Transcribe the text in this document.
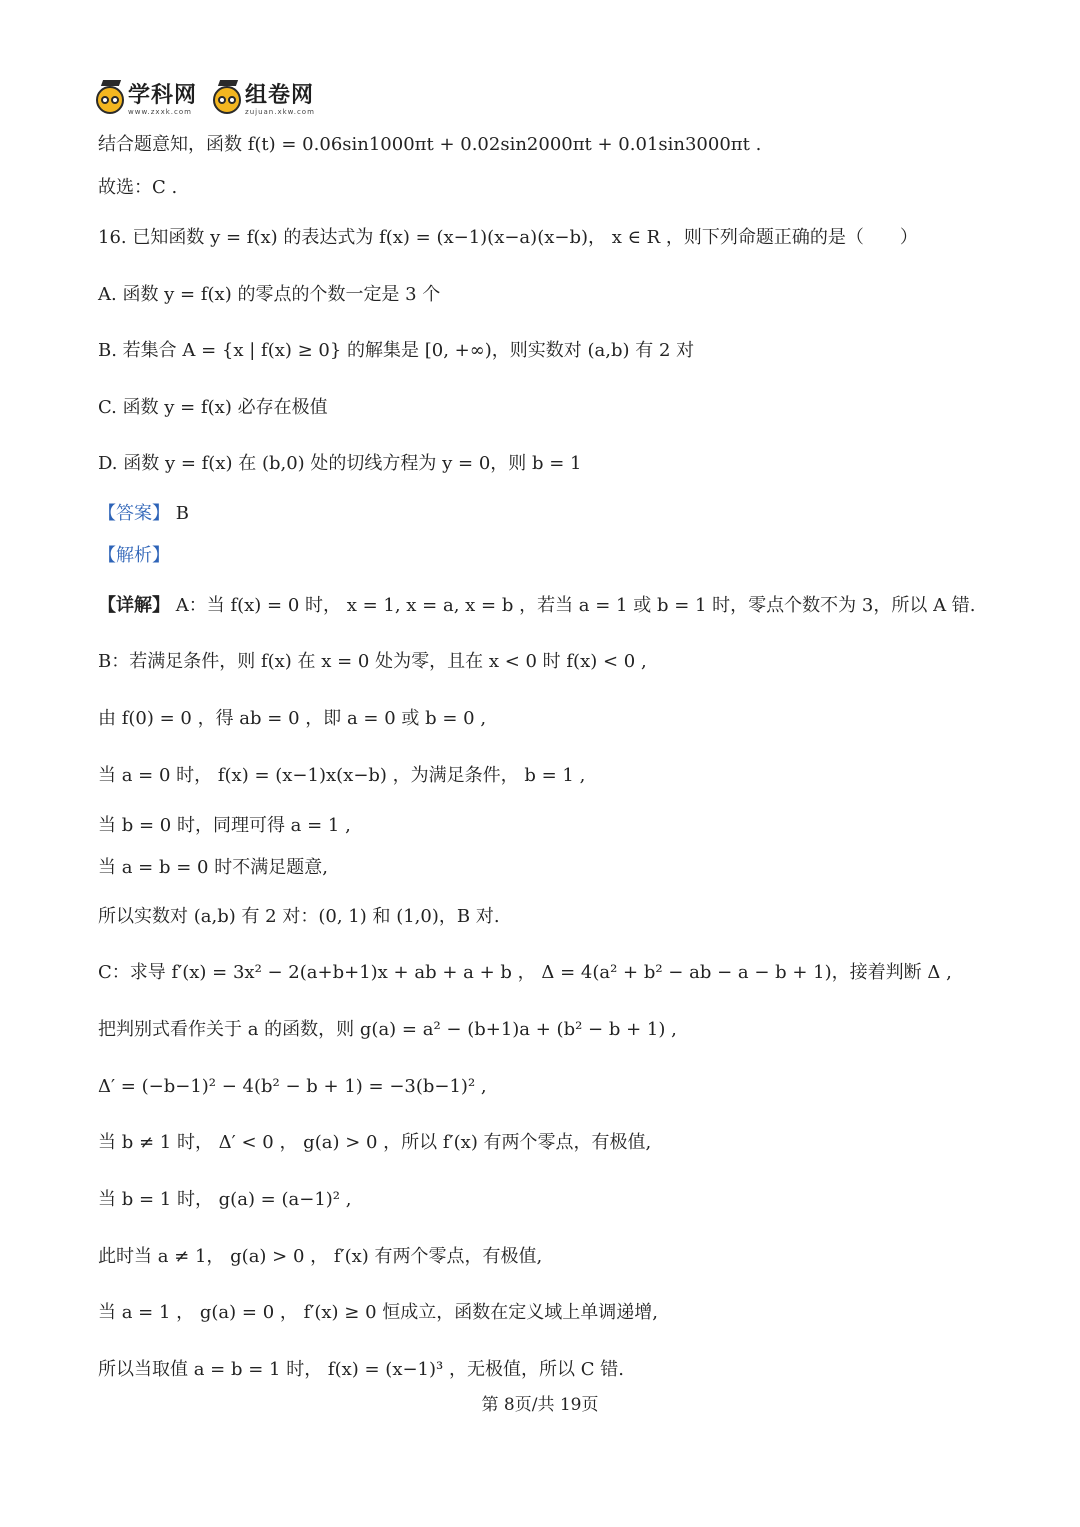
学科网
www.zxxk.com
组卷网
zujuan.xkw.com
结合题意知，函数 f(t) = 0.06sin1000πt + 0.02sin2000πt + 0.01sin3000πt .
故选：C .
16. 已知函数 y = f(x) 的表达式为 f(x) = (x−1)(x−a)(x−b)， x ∈ R ，则下列命题正确的是（　　）
A. 函数 y = f(x) 的零点的个数一定是 3 个
B. 若集合 A = {x | f(x) ≥ 0} 的解集是 [0, +∞)，则实数对 (a,b) 有 2 对
C. 函数 y = f(x) 必存在极值
D. 函数 y = f(x) 在 (b,0) 处的切线方程为 y = 0，则 b = 1
【答案】 B
【解析】
【详解】 A：当 f(x) = 0 时， x = 1, x = a, x = b ，若当 a = 1 或 b = 1 时，零点个数不为 3，所以 A 错.
B：若满足条件，则 f(x) 在 x = 0 处为零，且在 x < 0 时 f(x) < 0 ,
由 f(0) = 0 ，得 ab = 0 ，即 a = 0 或 b = 0 ,
当 a = 0 时， f(x) = (x−1)x(x−b) ，为满足条件， b = 1 ,
当 b = 0 时，同理可得 a = 1 ,
当 a = b = 0 时不满足题意,
所以实数对 (a,b) 有 2 对：(0, 1) 和 (1,0)，B 对.
C：求导 f′(x) = 3x² − 2(a+b+1)x + ab + a + b ， Δ = 4(a² + b² − ab − a − b + 1)，接着判断 Δ ,
把判别式看作关于 a 的函数，则 g(a) = a² − (b+1)a + (b² − b + 1) ,
Δ′ = (−b−1)² − 4(b² − b + 1) = −3(b−1)² ,
当 b ≠ 1 时， Δ′ < 0 ， g(a) > 0 ，所以 f′(x) 有两个零点，有极值,
当 b = 1 时， g(a) = (a−1)² ,
此时当 a ≠ 1， g(a) > 0 ， f′(x) 有两个零点，有极值,
当 a = 1 ， g(a) = 0 ， f′(x) ≥ 0 恒成立，函数在定义域上单调递增,
所以当取值 a = b = 1 时， f(x) = (x−1)³ ，无极值，所以 C 错.
第 8页/共 19页
